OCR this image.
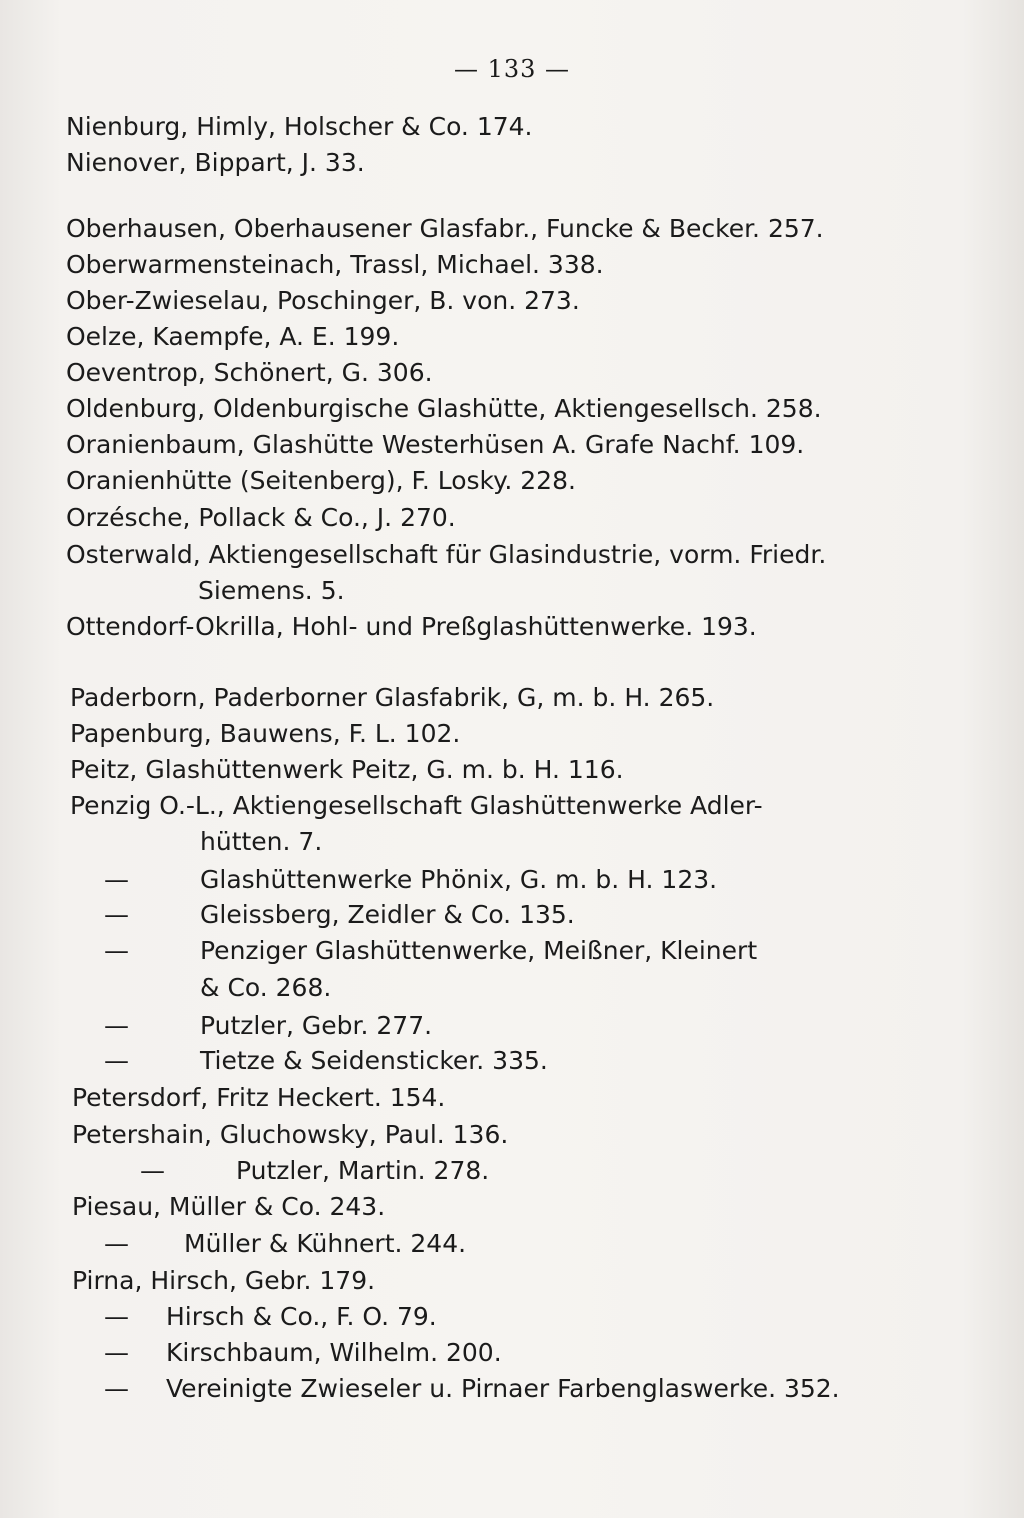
— 133 —
Nienburg, Himly, Holscher & Co. 174.
Nienover, Bippart, J. 33.
Oberhausen, Oberhausener Glasfabr., Funcke & Becker. 257.
Oberwarmensteinach, Trassl, Michael. 338.
Ober-Zwieselau, Poschinger, B. von. 273.
Oelze, Kaempfe, A. E. 199.
Oeventrop, Schönert, G. 306.
Oldenburg, Oldenburgische Glashütte, Aktiengesellsch. 258.
Oranienbaum, Glashütte Westerhüsen A. Grafe Nachf. 109.
Oranienhütte (Seitenberg), F. Losky. 228.
Orzésche, Pollack & Co., J. 270.
Osterwald, Aktiengesellschaft für Glasindustrie, vorm. Friedr.
Siemens. 5.
Ottendorf-Okrilla, Hohl- und Preßglashüttenwerke. 193.
Paderborn, Paderborner Glasfabrik, G, m. b. H. 265.
Papenburg, Bauwens, F. L. 102.
Peitz, Glashüttenwerk Peitz, G. m. b. H. 116.
Penzig O.-L., Aktiengesellschaft Glashüttenwerke Adler-
hütten. 7.
—	Glashüttenwerke Phönix, G. m. b. H. 123.
—	Gleissberg, Zeidler & Co. 135.
—	Penziger Glashüttenwerke, Meißner, Kleinert
& Co. 268.
—	Putzler, Gebr. 277.
—	Tietze & Seidensticker. 335.
Petersdorf, Fritz Heckert. 154.
Petershain, Gluchowsky, Paul. 136.
—	Putzler, Martin. 278.
Piesau, Müller & Co. 243.
— Müller & Kühnert. 244.
Pirna, Hirsch, Gebr. 179.
— Hirsch & Co., F. O. 79.
— Kirschbaum, Wilhelm. 200.
— Vereinigte Zwieseler u. Pirnaer Farbenglaswerke. 352.
